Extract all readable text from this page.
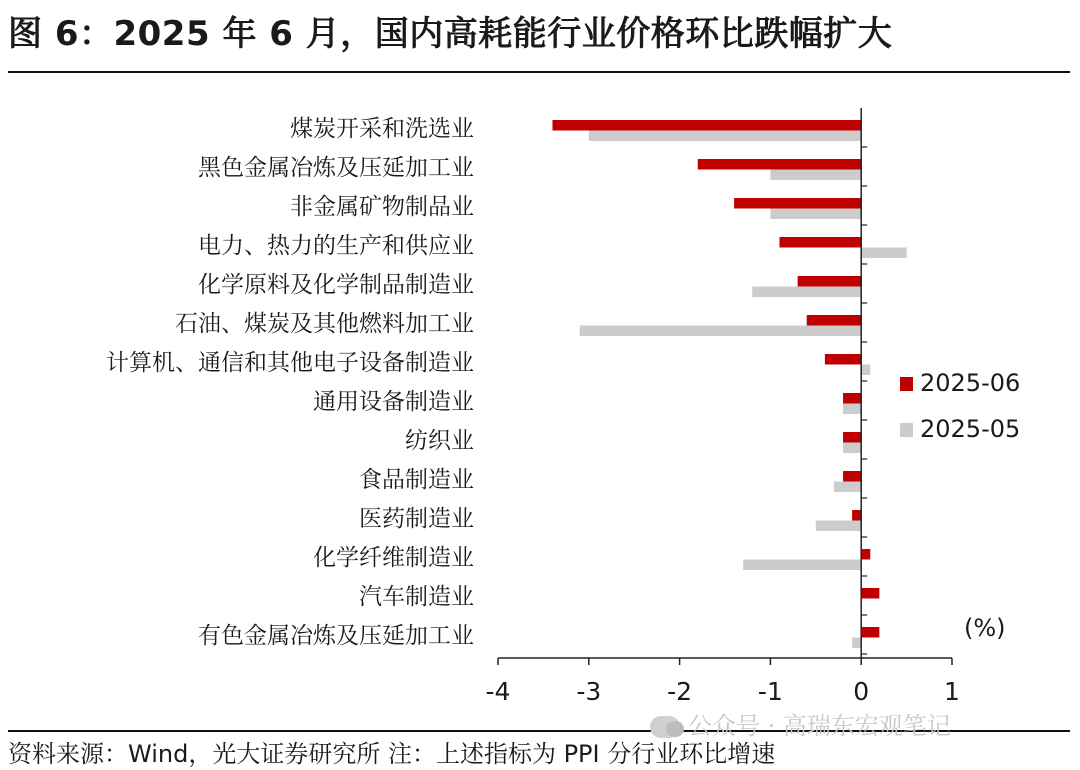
图 6：2025 年 6 月，国内高耗能行业价格环比跌幅扩大
煤炭开采和洗选业
黑色金属冶炼及压延加工业
非金属矿物制品业
电力、热力的生产和供应业
化学原料及化学制品制造业
石油、煤炭及其他燃料加工业
计算机、通信和其他电子设备制造业
通用设备制造业
纺织业
食品制造业
医药制造业
化学纤维制造业
汽车制造业
有色金属冶炼及压延加工业
-4	-3	-2	-1	0	1
(%)
2025-06
2025-05
公众号 · 高瑞东宏观笔记
资料来源：Wind，光大证券研究所 注：上述指标为 PPI 分行业环比增速
